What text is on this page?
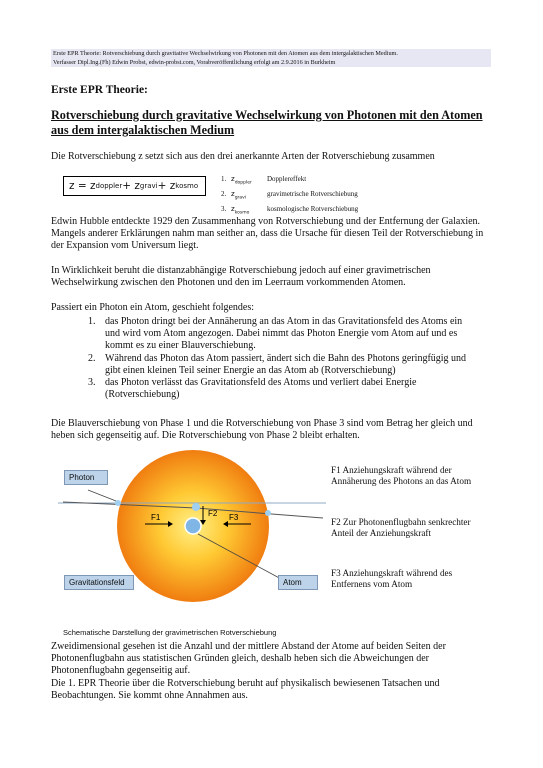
Erste EPR Theorie: Rotverschiebung durch gravitative Wechselwirkung von Photonen mit den Atomen aus dem intergalaktischen Medium.
Verfasser Dipl.Ing.(Fh) Edwin Probst, edwin-probst.com, Vorabveröffentlichung erfolgt am 2.9.2016 in Burkheim
Erste EPR Theorie:
Rotverschiebung durch gravitative Wechselwirkung von Photonen mit den Atomen aus dem intergalaktischen Medium
Die Rotverschiebung z setzt sich aus den drei anerkannte Arten der Rotverschiebung zusammen
z = z doppler + z gravi + z kosmo
1. $z_{doppler}$	Dopplereffekt
2. $z_{gravi}$	gravimetrische Rotverschiebung
3. $z_{kosmo}$	kosmologische Rotverschiebung
Edwin Hubble entdeckte 1929 den Zusammenhang von Rotverschiebung und der Entfernung der Galaxien. Mangels anderer Erklärungen nahm man seither an, dass die Ursache für diesen Teil der Rotverschiebung in der Expansion vom Universum liegt.
In Wirklichkeit beruht die distanzabhängige Rotverschiebung jedoch auf einer gravimetrischen Wechselwirkung zwischen den Photonen und den im Leerraum vorkommenden Atomen.
Passiert ein Photon ein Atom, geschieht folgendes:
1. das Photon dringt bei der Annäherung an das Atom in das Gravitationsfeld des Atoms ein und wird vom Atom angezogen. Dabei nimmt das Photon Energie vom Atom auf und es kommt es zu einer Blauverschiebung.
2. Während das Photon das Atom passiert, ändert sich die Bahn des Photons geringfügig und gibt einen kleinen Teil seiner Energie an das Atom ab (Rotverschiebung)
3. das Photon verlässt das Gravitationsfeld des Atoms und verliert dabei Energie (Rotverschiebung)
Die Blauverschiebung von Phase 1 und die Rotverschiebung von Phase 3 sind vom Betrag her gleich und heben sich gegenseitig auf. Die Rotverschiebung von Phase 2 bleibt erhalten.
F1	F2 F3
Photon
Gravitationsfeld	Atom
Schematische Darstellung der gravimetrischen Rotverschiebung
F1 Anziehungskraft während der Annäherung des Photons an das Atom
F2 Zur Photonenflugbahn senkrechter Anteil der Anziehungskraft
F3 Anziehungskraft während des Entfernens vom Atom
Zweidimensional gesehen ist die Anzahl und der mittlere Abstand der Atome auf beiden Seiten der Photonenflugbahn aus statistischen Gründen gleich, deshalb heben sich die Abweichungen der Photonenflugbahn gegenseitig auf.
Die 1. EPR Theorie über die Rotverschiebung beruht auf physikalisch bewiesenen Tatsachen und Beobachtungen. Sie kommt ohne Annahmen aus.
